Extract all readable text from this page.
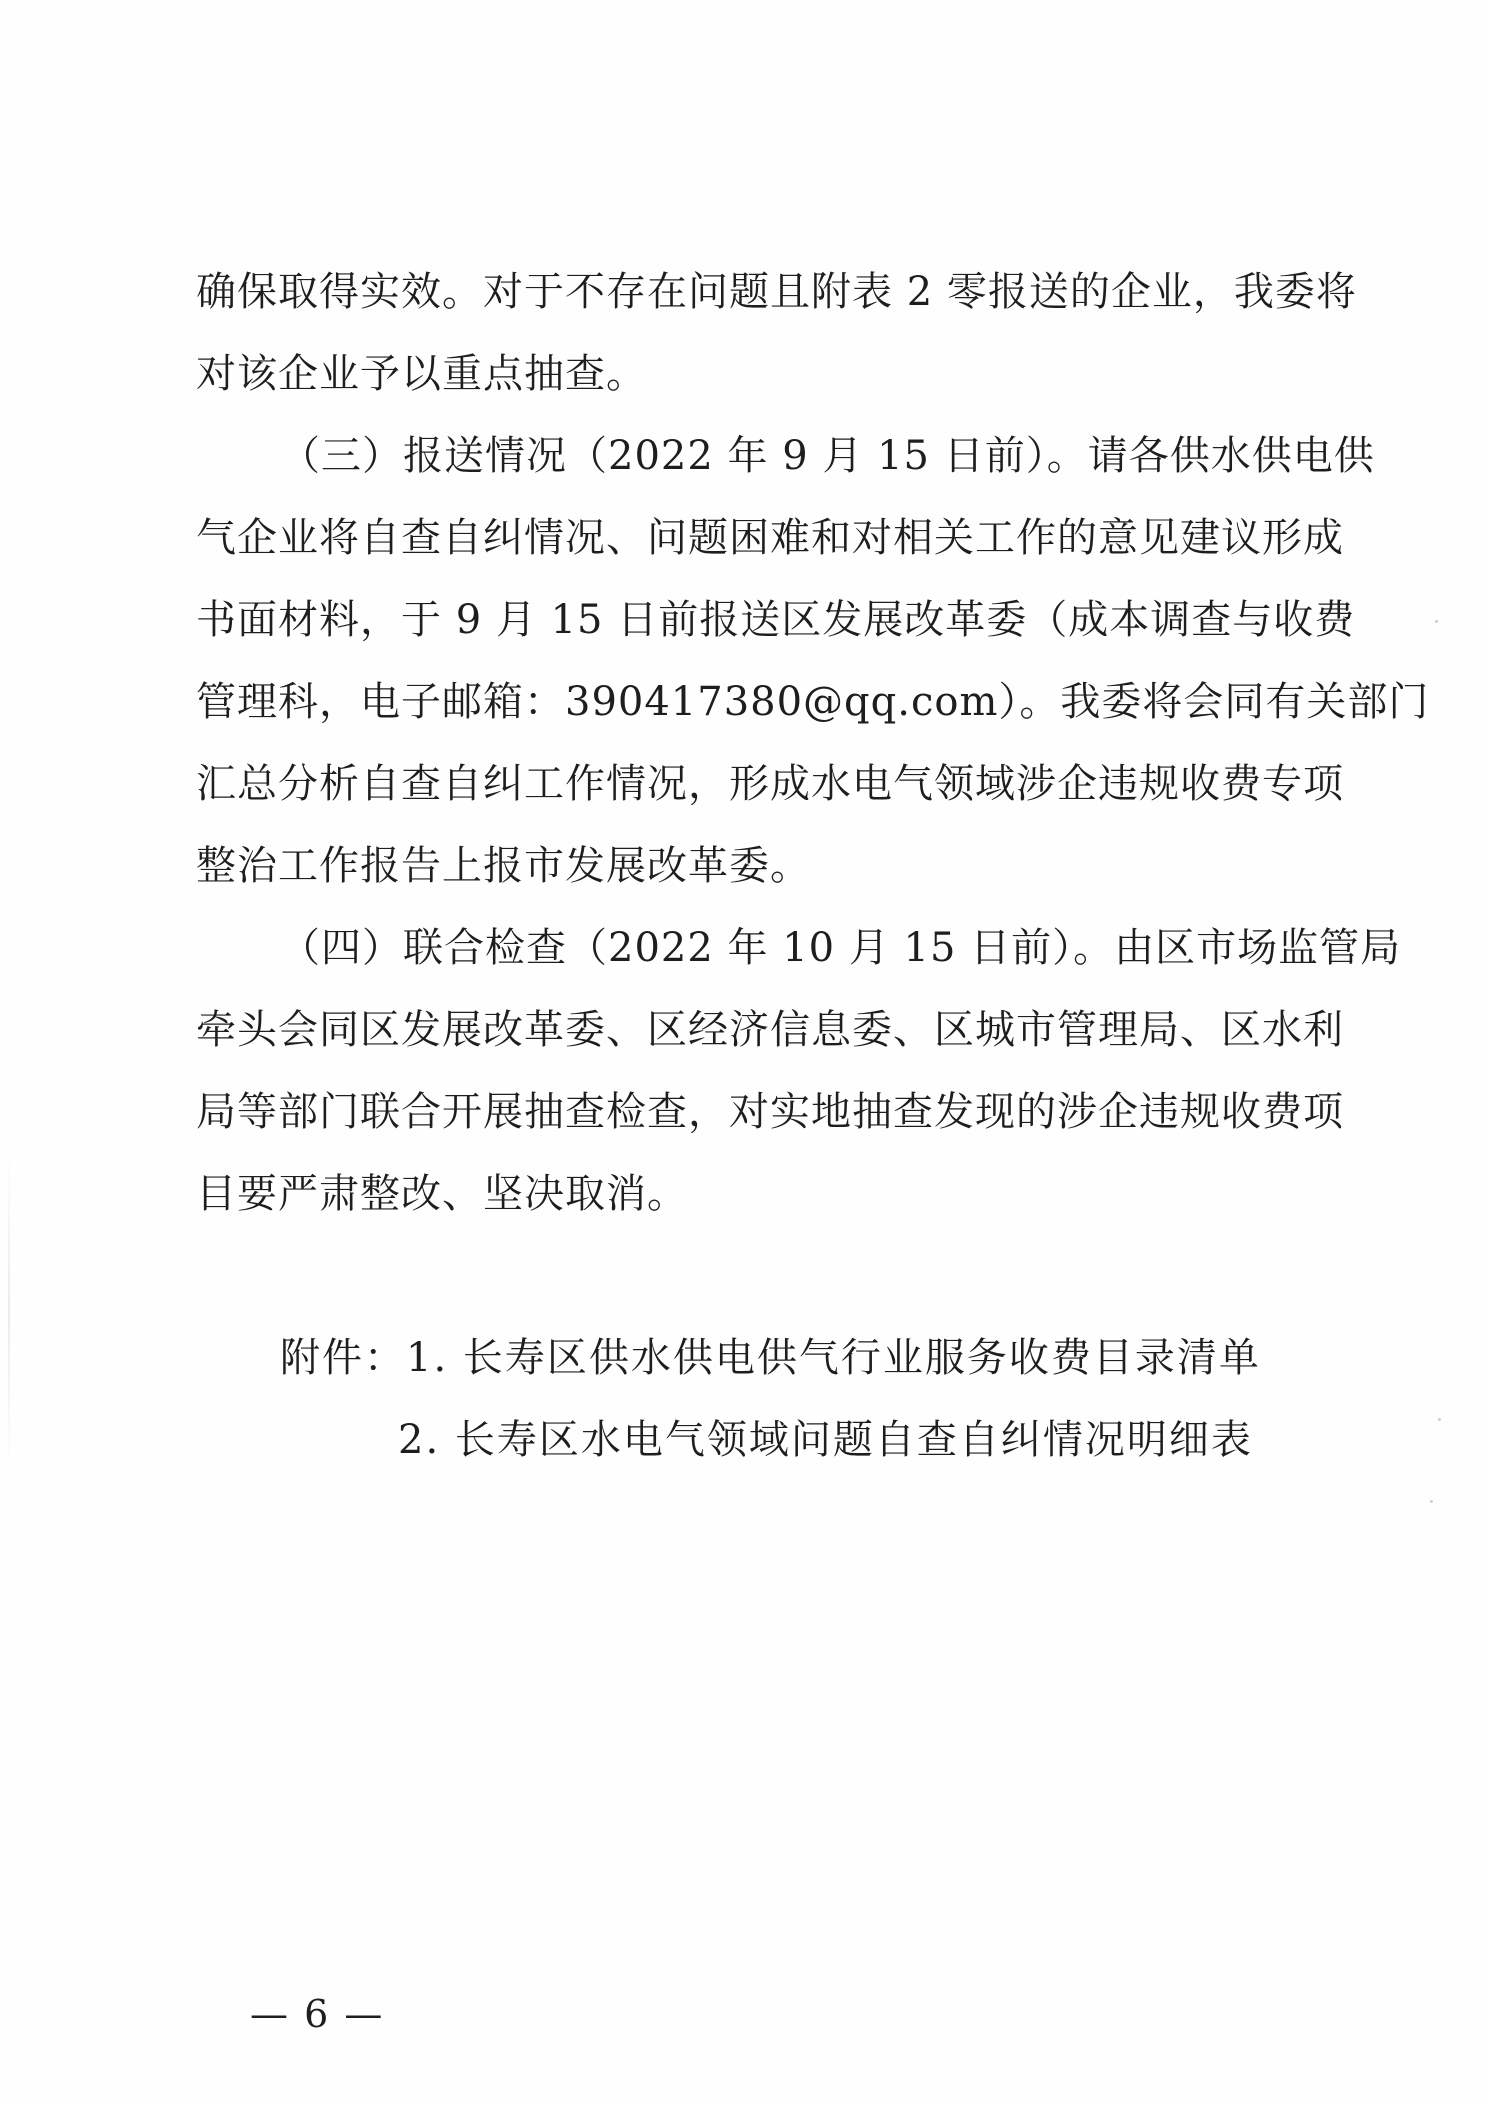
确保取得实效。对于不存在问题且附表 2 零报送的企业，我委将
对该企业予以重点抽查。
（三）报送情况（2022 年 9 月 15 日前）。请各供水供电供
气企业将自查自纠情况、问题困难和对相关工作的意见建议形成
书面材料，于 9 月 15 日前报送区发展改革委（成本调查与收费
管理科，电子邮箱：390417380@qq.com）。我委将会同有关部门
汇总分析自查自纠工作情况，形成水电气领域涉企违规收费专项
整治工作报告上报市发展改革委。
（四）联合检查（2022 年 10 月 15 日前）。由区市场监管局
牵头会同区发展改革委、区经济信息委、区城市管理局、区水利
局等部门联合开展抽查检查，对实地抽查发现的涉企违规收费项
目要严肃整改、坚决取消。
附件：1. 长寿区供水供电供气行业服务收费目录清单
2. 长寿区水电气领域问题自查自纠情况明细表
— 6 —
